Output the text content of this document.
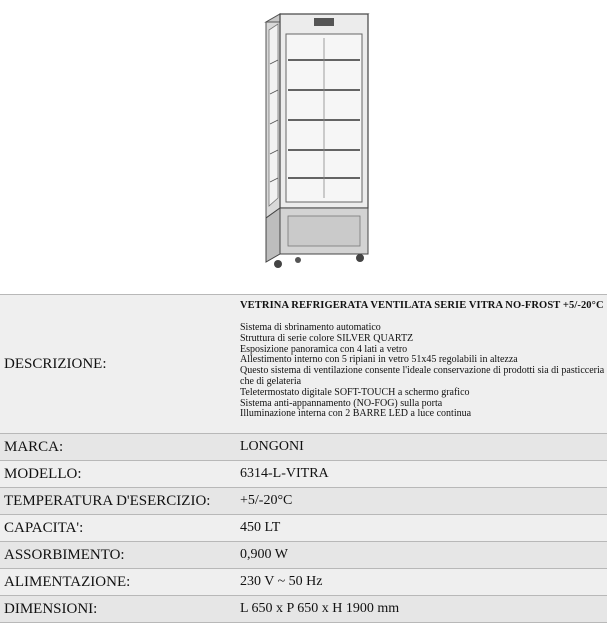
DESCRIZIONE:
VETRINA REFRIGERATA VENTILATA SERIE VITRA NO-FROST +5/-20°C
Sistema di sbrinamento automatico
Struttura di serie colore SILVER QUARTZ
Esposizione panoramica con 4 lati a vetro
Allestimento interno con 5 ripiani in vetro 51x45 regolabili in altezza
Questo sistema di ventilazione consente l'ideale conservazione di prodotti sia di pasticceria
che di gelateria
Teletermostato digitale SOFT-TOUCH a schermo grafico
Sistema anti-appannamento (NO-FOG) sulla porta
Illuminazione interna con 2 BARRE LED a luce continua
MARCA:	LONGONI
MODELLO:	6314-L-VITRA
TEMPERATURA D'ESERCIZIO:	+5/-20°C
CAPACITA':	450 LT
ASSORBIMENTO:	0,900 W
ALIMENTAZIONE:	230 V ~ 50 Hz
DIMENSIONI:	L 650 x P 650 x H 1900 mm
